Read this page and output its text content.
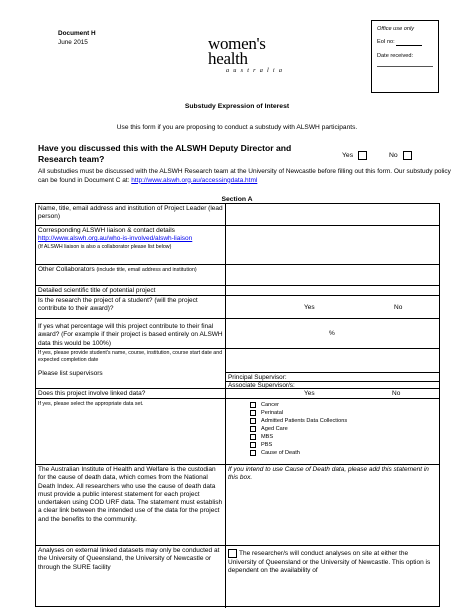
Document H
June 2015	women's
health
australia
Office use only
EoI no:
Date received:
Substudy Expression of Interest
Use this form if you are proposing to conduct a substudy with ALSWH participants.
Have you discussed this with the ALSWH Deputy Director and Research team?	Yes	No
All substudies must be discussed with the ALSWH Research team at the University of Newcastle before filling out this form. Our substudy policy can be found in Document C at: http://www.alswh.org.au/accessingdata.html
Section A
Name, title, email address and institution of Project Leader (lead person)
Corresponding ALSWH liaison & contact details
http://www.alswh.org.au/who-is-involved/alswh-liaison
(If ALSWH liaison is also a collaborator please list below)
Other Collaborators (include title, email address and institution)
Detailed scientific title of potential project
Is the research the project of a student? (will the project contribute to their award)?	Yes	No
If yes what percentage will this project contribute to their final award? (For example if their project is based entirely on ALSWH data this would be 100%)
%
If yes, please provide student's name, course, institution, course start date and expected completion date
Please list supervisors
Principal Supervisor:
Associate Supervisor/s:
Does this project involve linked data?	Yes	No
If yes, please select the appropriate data set.	Cancer
Perinatal
Admitted Patients Data Collections
Aged Care
MBS
PBS
Cause of Death
The Australian Institute of Health and Welfare is the custodian for the cause of death data, which comes from the National Death Index. All researchers who use the cause of death data must provide a public interest statement for each project undertaken using COD URF data. The statement must establish a clear link between the intended use of the data for the project and the benefits to the community.
If you intend to use Cause of Death data, please add this statement in this box.
Analyses on external linked datasets may only be conducted at the University of Queensland, the University of Newcastle or through the SURE facility
The researcher/s will conduct analyses on site at either the University of Queensland or the University of Newcastle. This option is dependent on the availability of
